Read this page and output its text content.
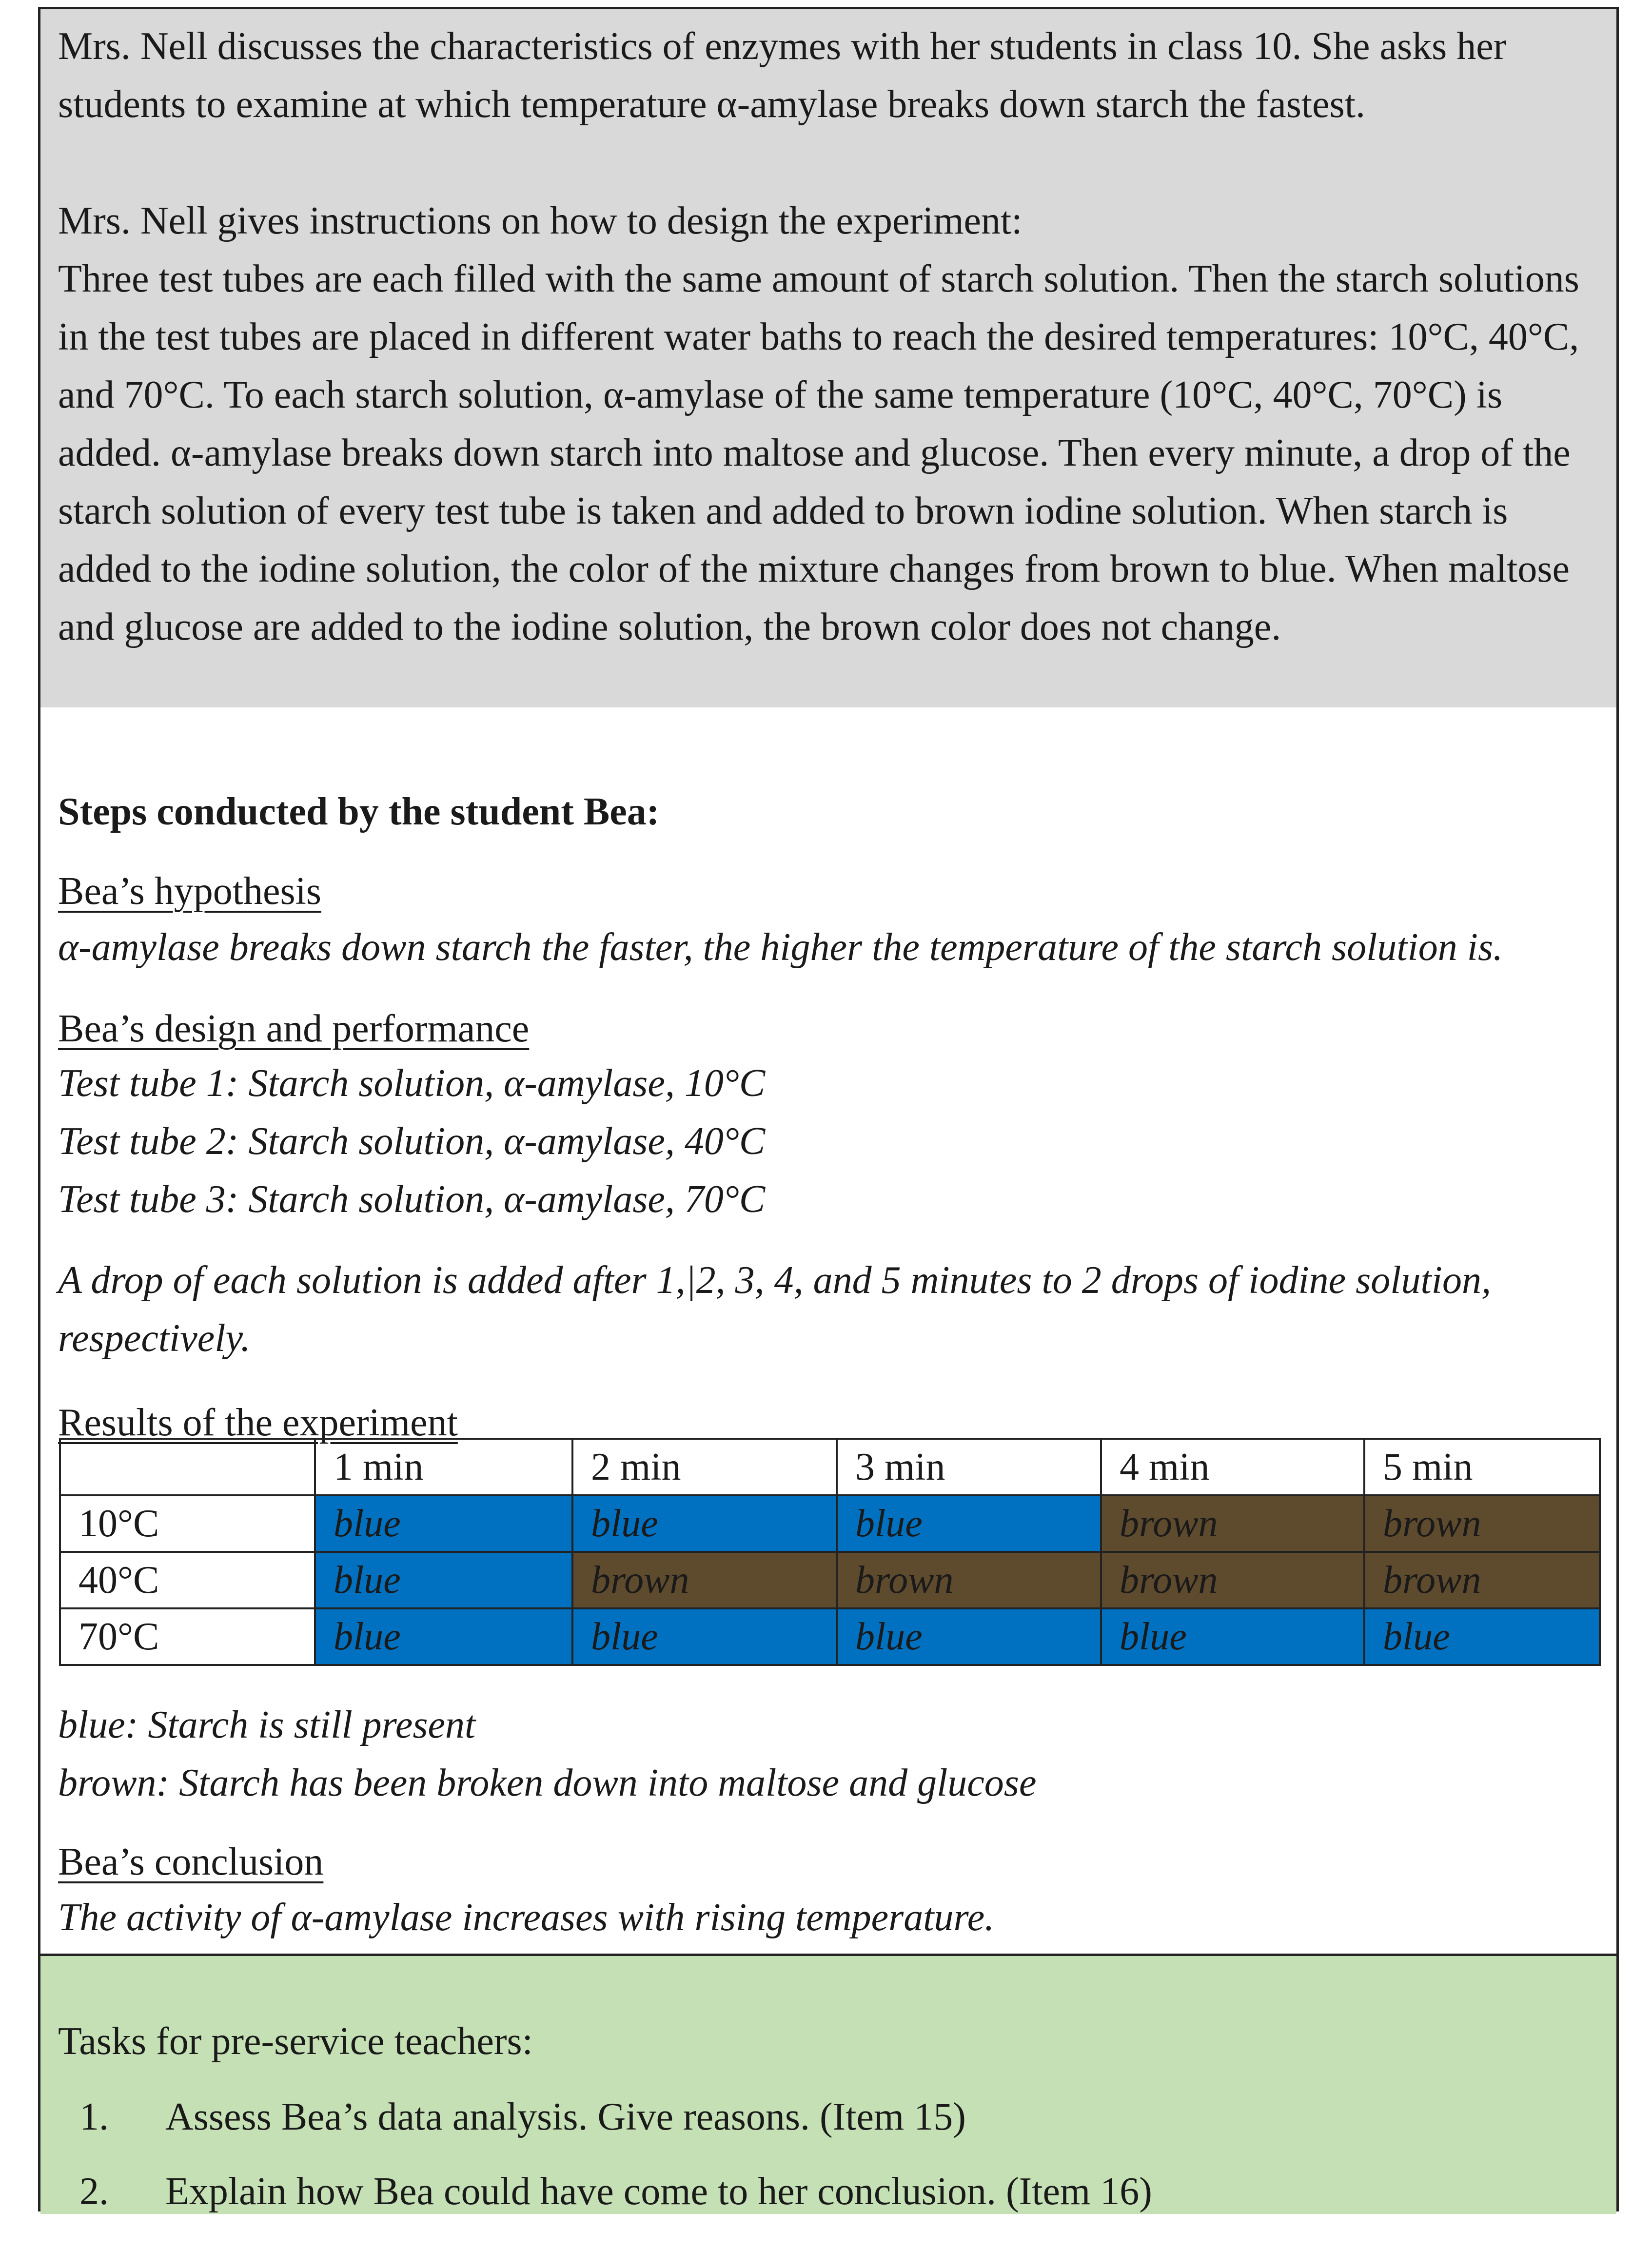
Mrs. Nell discusses the characteristics of enzymes with her students in class 10. She asks her students to examine at which temperature α-amylase breaks down starch the fastest.

Mrs. Nell gives instructions on how to design the experiment:
Three test tubes are each filled with the same amount of starch solution. Then the starch solutions in the test tubes are placed in different water baths to reach the desired temperatures: 10°C, 40°C, and 70°C. To each starch solution, α-amylase of the same temperature (10°C, 40°C, 70°C) is added. α-amylase breaks down starch into maltose and glucose. Then every minute, a drop of the starch solution of every test tube is taken and added to brown iodine solution. When starch is added to the iodine solution, the color of the mixture changes from brown to blue. When maltose and glucose are added to the iodine solution, the brown color does not change.

Steps conducted by the student Bea:

Bea’s hypothesis

α-amylase breaks down starch the faster, the higher the temperature of the starch solution is.

Bea’s design and performance

Test tube 1: Starch solution, α-amylase, 10°C

Test tube 2: Starch solution, α-amylase, 40°C

Test tube 3: Starch solution, α-amylase, 70°C

A drop of each solution is added after 1,|2, 3, 4, and 5 minutes to 2 drops of iodine solution, respectively.

Results of the experiment

	1 min	2 min	3 min	4 min	5 min
10°C	blue	blue	blue	brown	brown
40°C	blue	brown	brown	brown	brown
70°C	blue	blue	blue	blue	blue

blue: Starch is still present

brown: Starch has been broken down into maltose and glucose

Bea’s conclusion

The activity of α-amylase increases with rising temperature.

Tasks for pre-service teachers:

1. Assess Bea’s data analysis. Give reasons. (Item 15)

2. Explain how Bea could have come to her conclusion. (Item 16)
